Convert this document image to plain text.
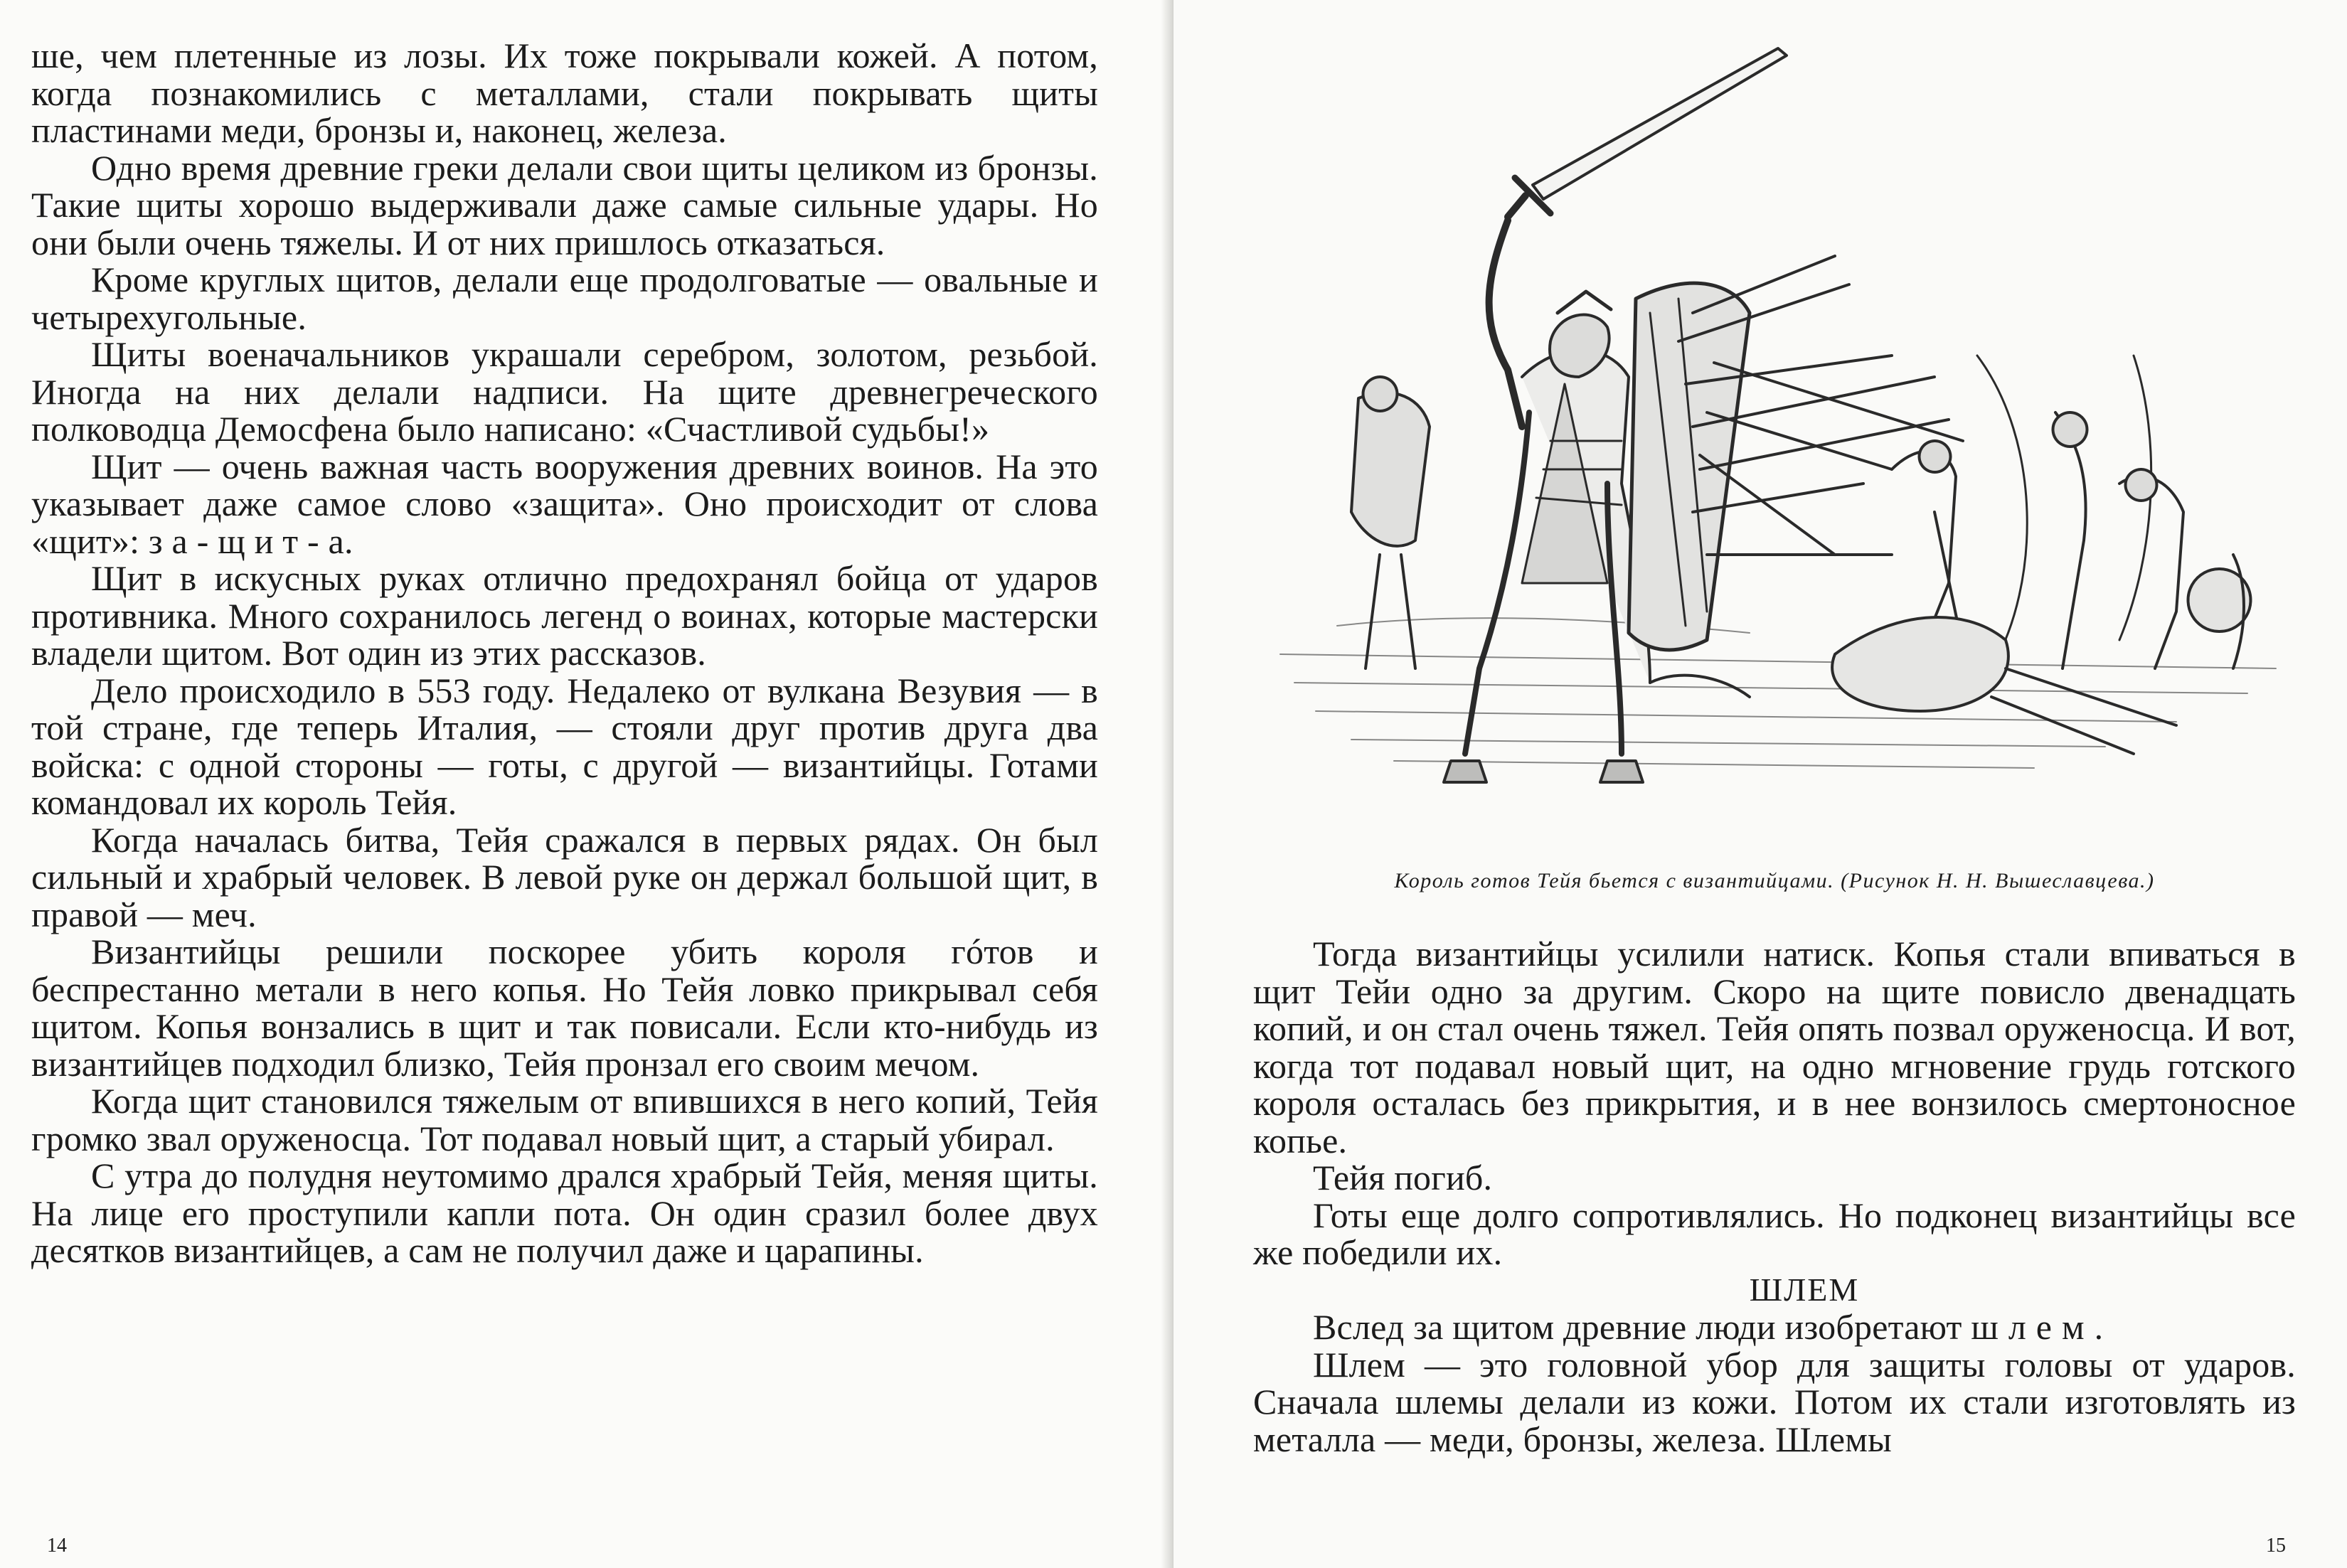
ше, чем плетенные из лозы. Их тоже покрывали кожей. А потом, когда познакомились с металлами, стали покрывать щиты пластинами меди, бронзы и, наконец, железа.

Одно время древние греки делали свои щиты целиком из бронзы. Такие щиты хорошо выдерживали даже самые сильные удары. Но они были очень тяжелы. И от них пришлось отказаться.

Кроме круглых щитов, делали еще продолговатые — овальные и четырехугольные.

Щиты военачальников украшали серебром, золотом, резьбой. Иногда на них делали надписи. На щите древнегреческого полководца Демосфена было написано: «Счастливой судьбы!»

Щит — очень важная часть вооружения древних воинов. На это указывает даже самое слово «защита». Оно происходит от слова «щит»: з а - щ и т - а.

Щит в искусных руках отлично предохранял бойца от ударов противника. Много сохранилось легенд о воинах, которые мастерски владели щитом. Вот один из этих рассказов.

Дело происходило в 553 году. Недалеко от вулкана Везувия — в той стране, где теперь Италия, — стояли друг против друга два войска: с одной стороны — готы, с другой — византийцы. Готами командовал их король Тейя.

Когда началась битва, Тейя сражался в первых рядах. Он был сильный и храбрый человек. В левой руке он держал большой щит, в правой — меч.

Византийцы решили поскорее убить короля гóтов и беспрестанно метали в него копья. Но Тейя ловко прикрывал себя щитом. Копья вонзались в щит и так повисали. Если кто-нибудь из византийцев подходил близко, Тейя пронзал его своим мечом.

Когда щит становился тяжелым от впившихся в него копий, Тейя громко звал оруженосца. Тот подавал новый щит, а старый убирал.

С утра до полудня неутомимо дрался храбрый Тейя, меняя щиты. На лице его проступили капли пота. Он один сразил более двух десятков византийцев, а сам не получил даже и царапины.

14
Король готов Тейя бьется с византийцами. (Рисунок Н. Н. Вышеславцева.)

Тогда византийцы усилили натиск. Копья стали впиваться в щит Тейи одно за другим. Скоро на щите повисло двенадцать копий, и он стал очень тяжел. Тейя опять позвал оруженосца. И вот, когда тот подавал новый щит, на одно мгновение грудь готского короля осталась без прикрытия, и в нее вонзилось смертоносное копье.

Тейя погиб.

Готы еще долго сопротивлялись. Но подконец византийцы все же победили их.

ШЛЕМ

Вслед за щитом древние люди изобретают шлем.

Шлем — это головной убор для защиты головы от ударов. Сначала шлемы делали из кожи. Потом их стали изготовлять из металла — меди, бронзы, железа. Шлемы

15
